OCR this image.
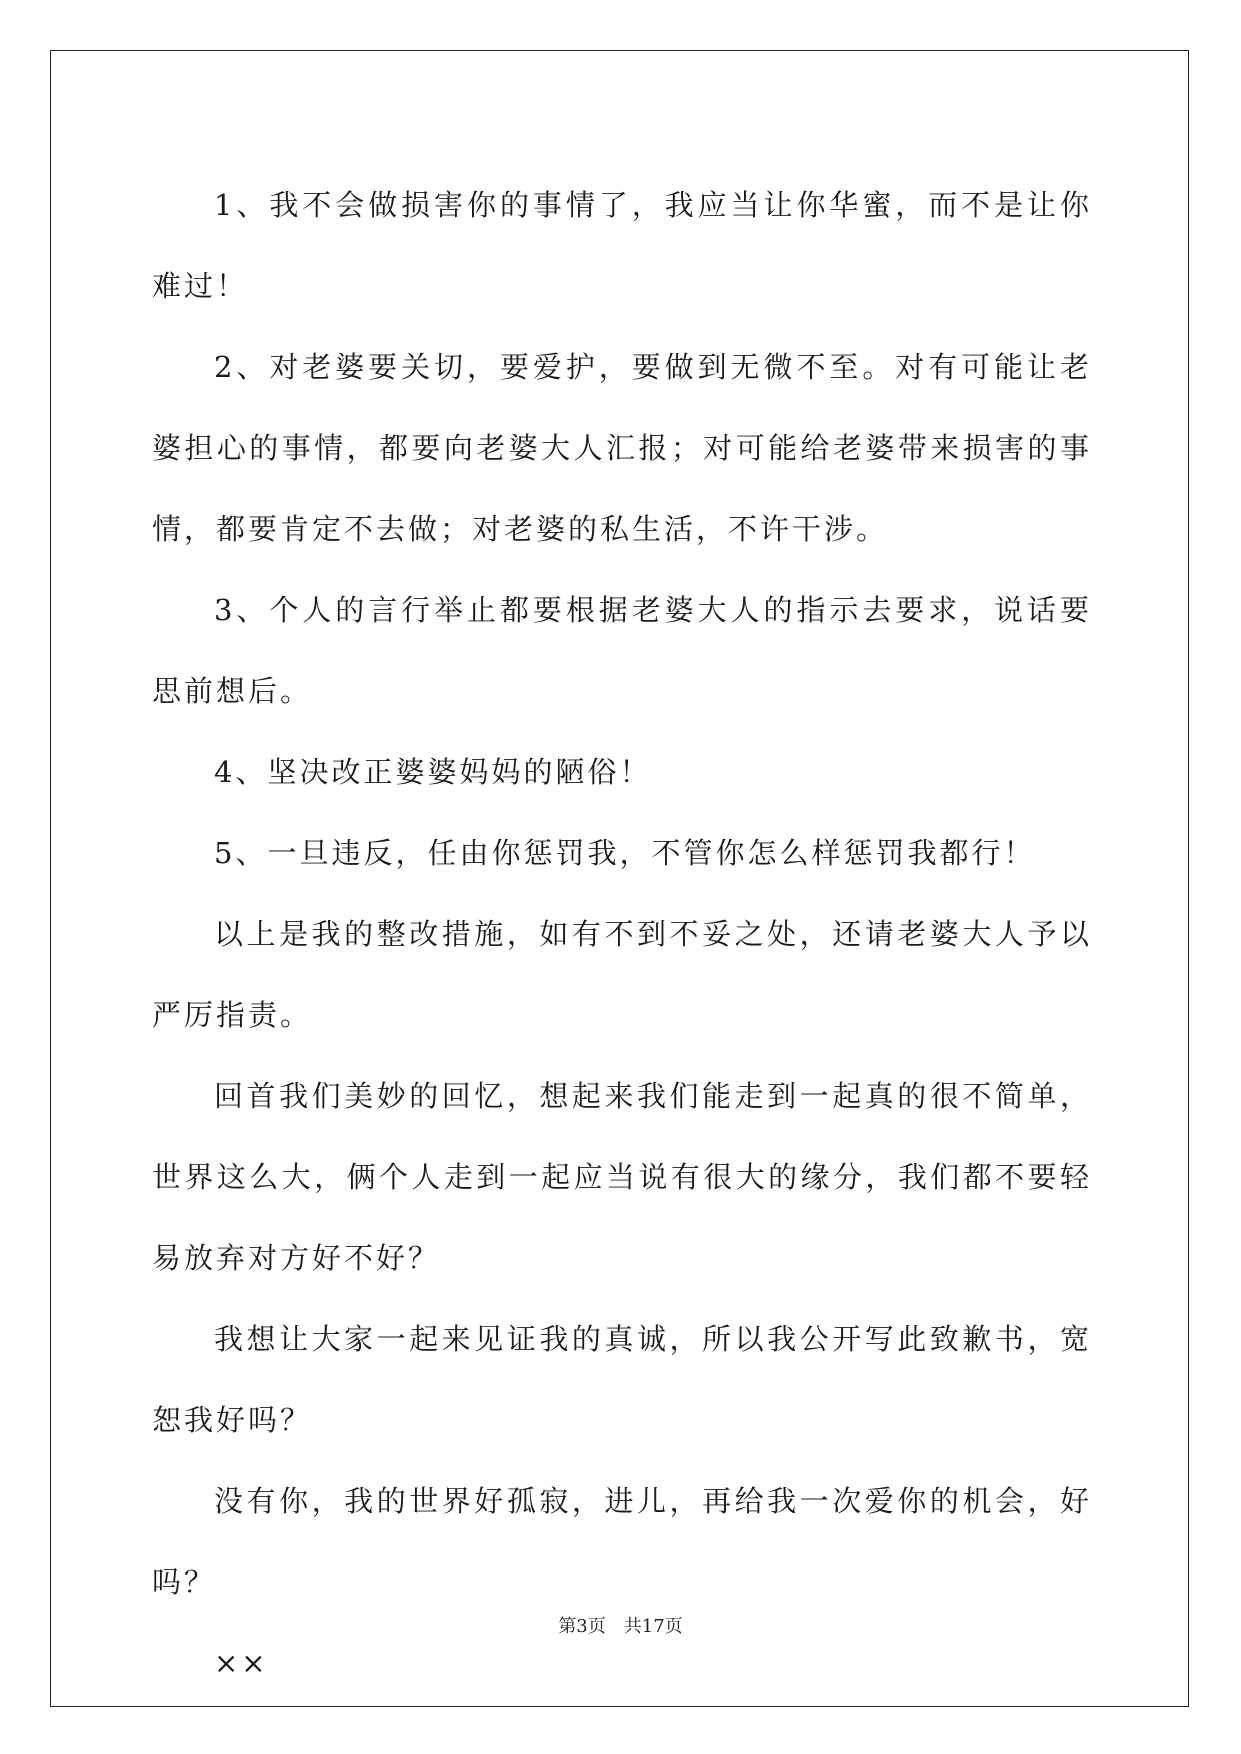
1、我不会做损害你的事情了，我应当让你华蜜，而不是让你难过！

2、对老婆要关切，要爱护，要做到无微不至。对有可能让老婆担心的事情，都要向老婆大人汇报；对可能给老婆带来损害的事情，都要肯定不去做；对老婆的私生活，不许干涉。

3、个人的言行举止都要根据老婆大人的指示去要求，说话要思前想后。

4、坚决改正婆婆妈妈的陋俗！

5、一旦违反，任由你惩罚我，不管你怎么样惩罚我都行！

以上是我的整改措施，如有不到不妥之处，还请老婆大人予以严厉指责。

回首我们美妙的回忆，想起来我们能走到一起真的很不简单，世界这么大，俩个人走到一起应当说有很大的缘分，我们都不要轻易放弃对方好不好？

我想让大家一起来见证我的真诚，所以我公开写此致歉书，宽恕我好吗？

没有你，我的世界好孤寂，进儿，再给我一次爱你的机会，好吗？

××

第3页　共17页
